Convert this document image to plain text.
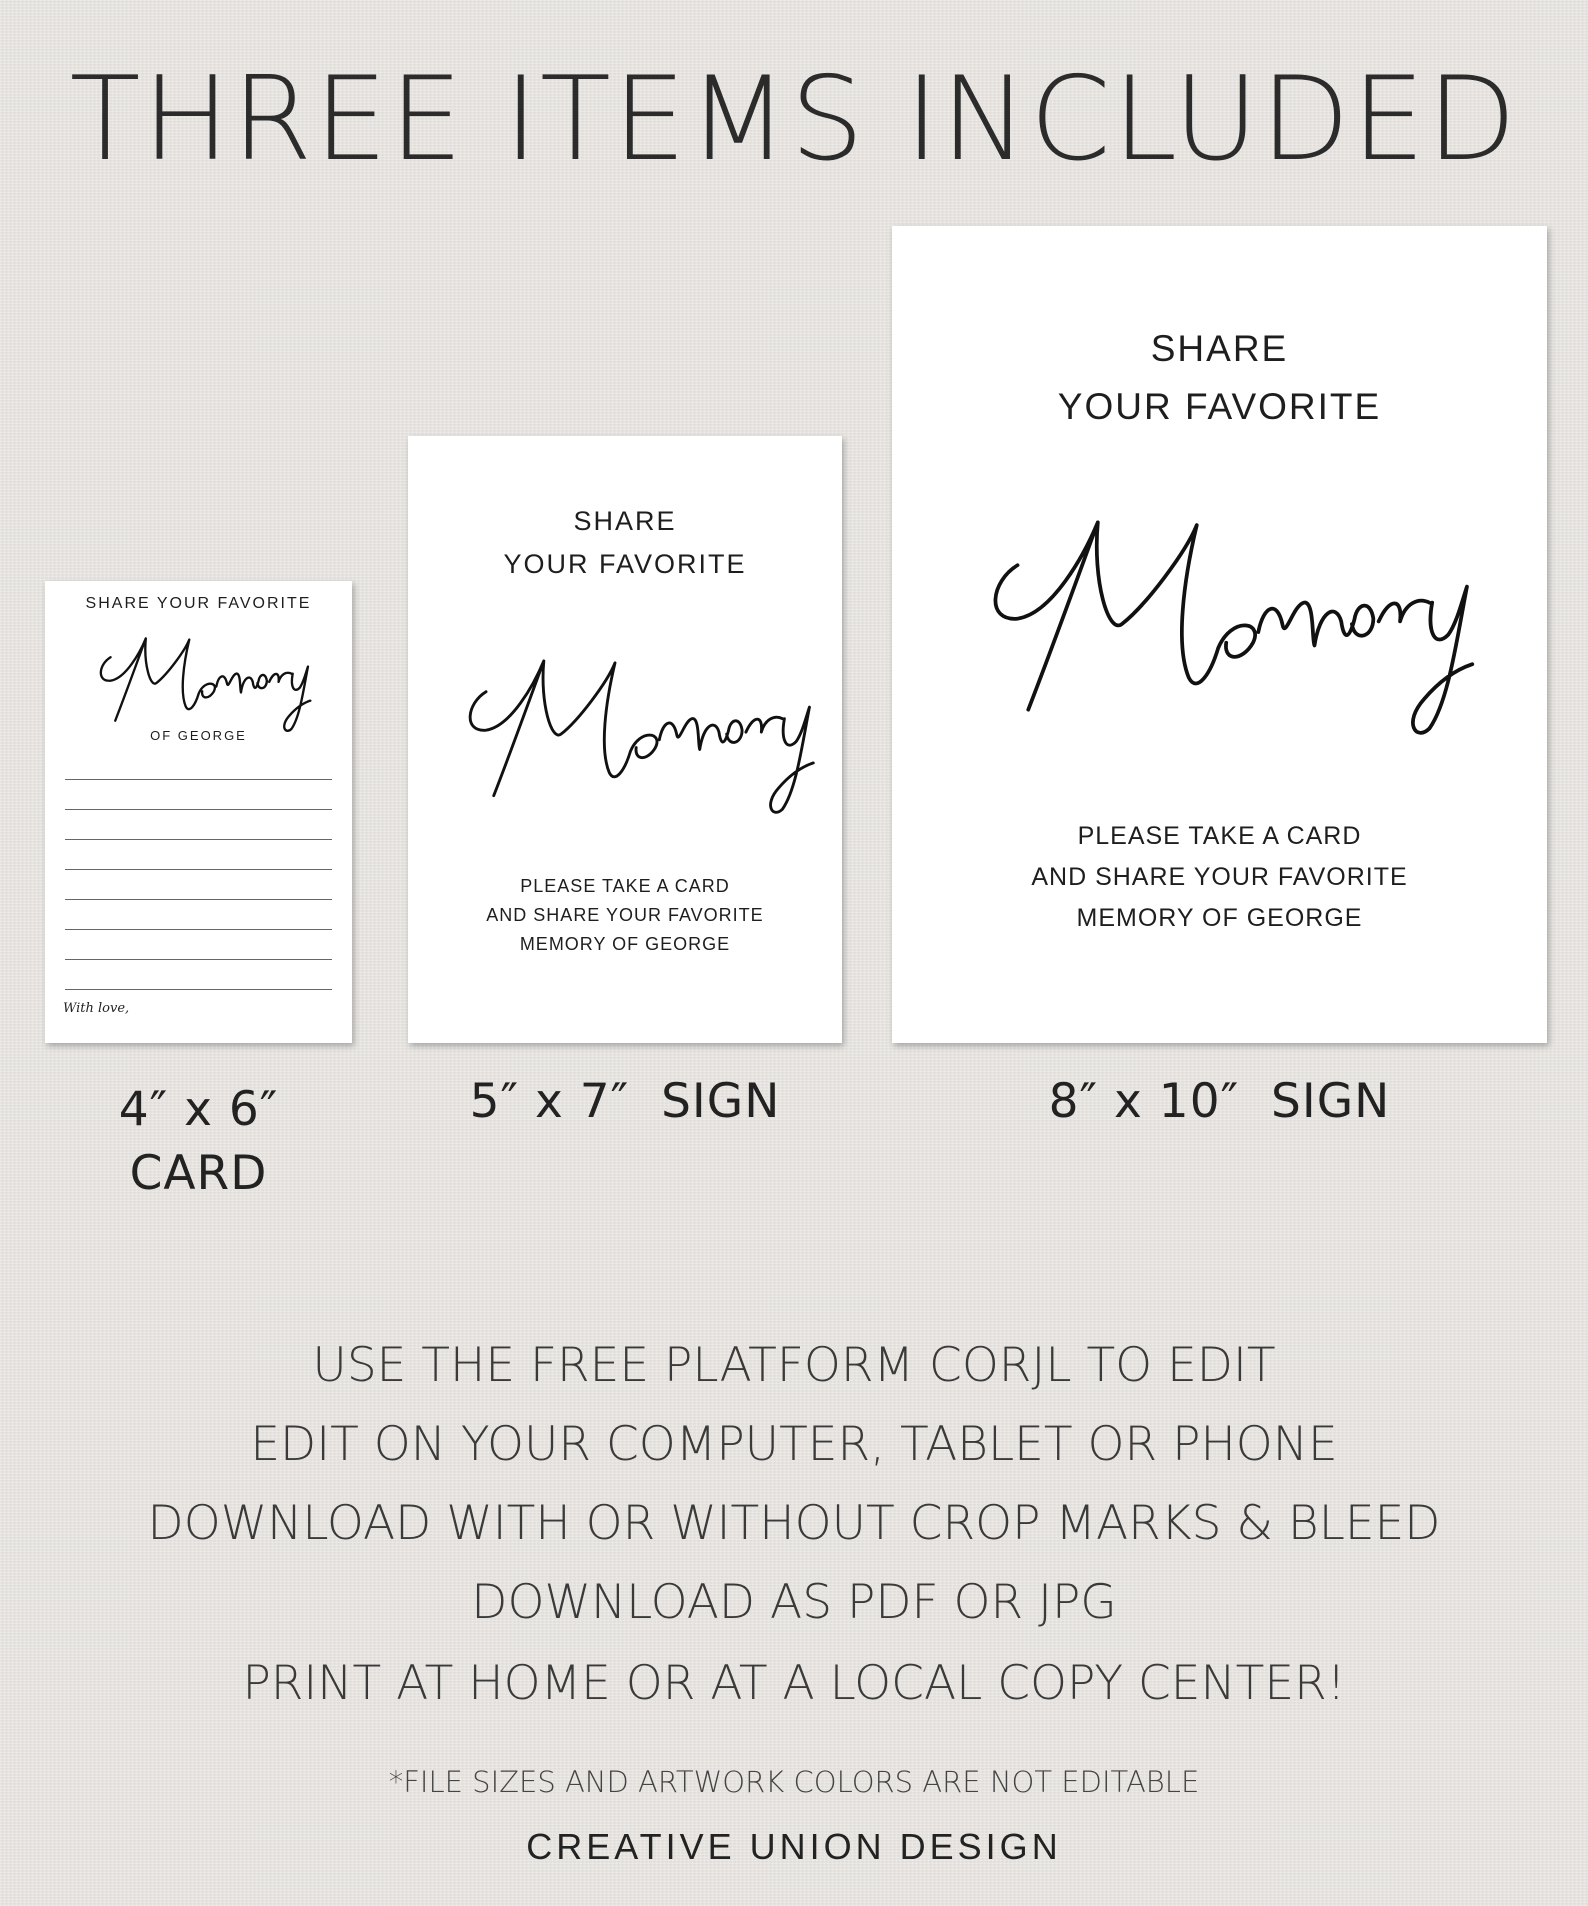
THREE ITEMS INCLUDED
SHARE YOUR FAVORITE
OF GEORGE
With love,
4″ x 6″
CARD
SHARE
YOUR FAVORITE
PLEASE TAKE A CARD
AND SHARE YOUR FAVORITE
MEMORY OF GEORGE
5″ x 7″  SIGN
SHARE
YOUR FAVORITE
PLEASE TAKE A CARD
AND SHARE YOUR FAVORITE
MEMORY OF GEORGE
8″ x 10″  SIGN
USE THE FREE PLATFORM CORJL TO EDIT
EDIT ON YOUR COMPUTER, TABLET OR PHONE
DOWNLOAD WITH OR WITHOUT CROP MARKS & BLEED
DOWNLOAD AS PDF OR JPG
PRINT AT HOME OR AT A LOCAL COPY CENTER!
*FILE SIZES AND ARTWORK COLORS ARE NOT EDITABLE
CREATIVE UNION DESIGN
